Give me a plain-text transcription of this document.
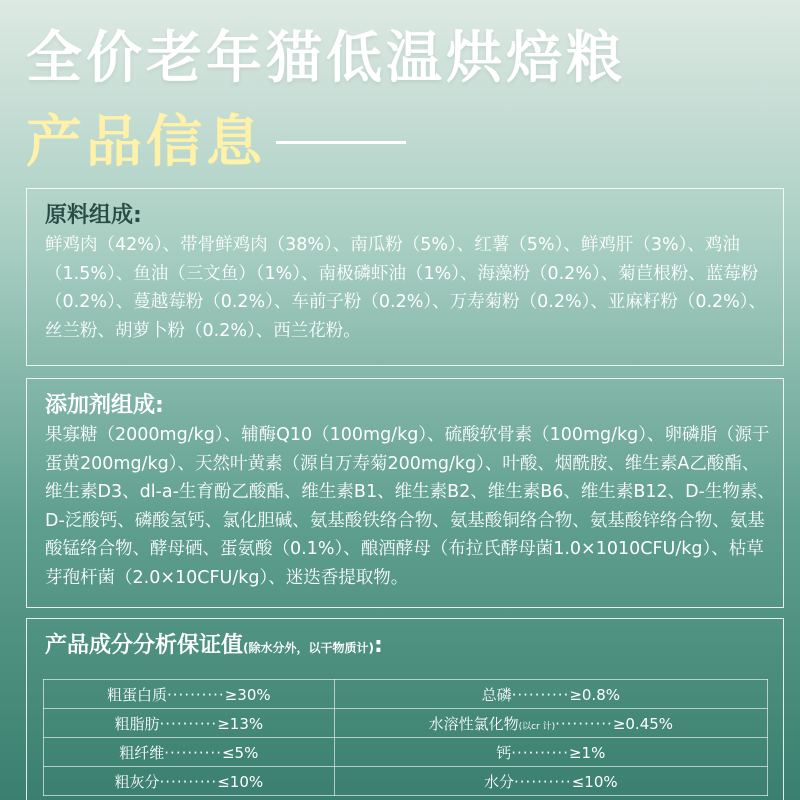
全价老年猫低温烘焙粮
产品信息
原料组成:
鲜鸡肉（42%）、带骨鲜鸡肉（38%）、南瓜粉（5%）、红薯（5%）、鲜鸡肝（3%）、鸡油（1.5%）、鱼油（三文鱼）（1%）、南极磷虾油（1%）、海藻粉（0.2%）、菊苣根粉、蓝莓粉（0.2%）、蔓越莓粉（0.2%）、车前子粉（0.2%）、万寿菊粉（0.2%）、亚麻籽粉（0.2%）、丝兰粉、胡萝卜粉（0.2%）、西兰花粉。
添加剂组成:
果寡糖（2000mg/kg）、辅酶Q10（100mg/kg）、硫酸软骨素（100mg/kg）、卵磷脂（源于蛋黄200mg/kg）、天然叶黄素（源自万寿菊200mg/kg）、叶酸、烟酰胺、维生素A乙酸酯、维生素D3、dl-a-生育酚乙酸酯、维生素B1、维生素B2、维生素B6、维生素B12、D-生物素、D-泛酸钙、磷酸氢钙、氯化胆碱、氨基酸铁络合物、氨基酸铜络合物、氨基酸锌络合物、氨基酸锰络合物、酵母硒、蛋氨酸（0.1%）、酿酒酵母（布拉氏酵母菌1.0×1010CFU/kg）、枯草芽孢杆菌（2.0×10CFU/kg）、迷迭香提取物。
产品成分分析保证值(除水分外，以干物质计):
粗蛋白质··········≥30%	总磷··········≥0.8%
粗脂肪··········≥13%	水溶性氯化物(以cr 计)··········≥0.45%
粗纤维··········≤5%	钙··········≥1%
粗灰分··········≤10%	水分··········≤10%
